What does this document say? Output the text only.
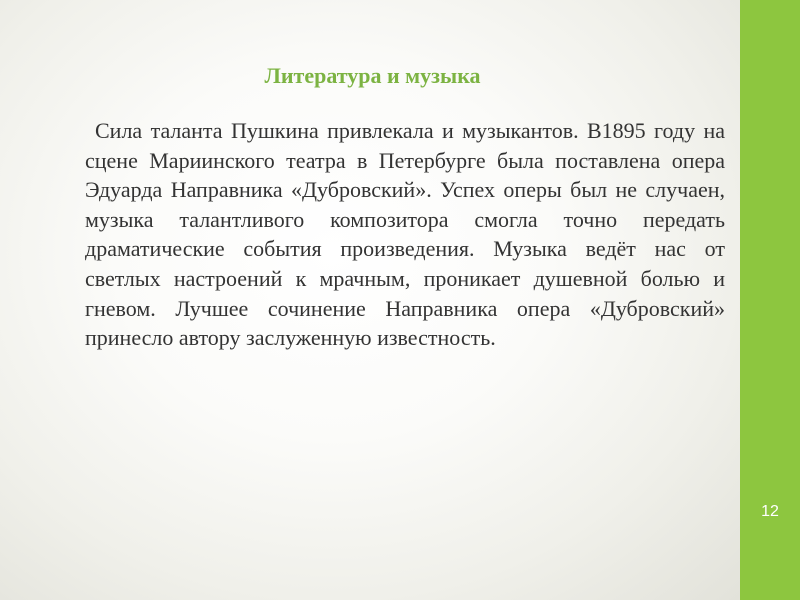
Литература и музыка

Сила таланта Пушкина привлекала и музыкантов. В1895 году на сцене Мариинского театра в Петербурге была поставлена опера Эдуарда Направника «Дубровский». Успех оперы был не случаен, музыка талантливого композитора смогла точно передать драматические события произведения. Музыка ведёт нас от светлых настроений к мрачным, проникает душевной болью и гневом. Лучшее сочинение Направника опера «Дубровский» принесло автору заслуженную известность.

12
